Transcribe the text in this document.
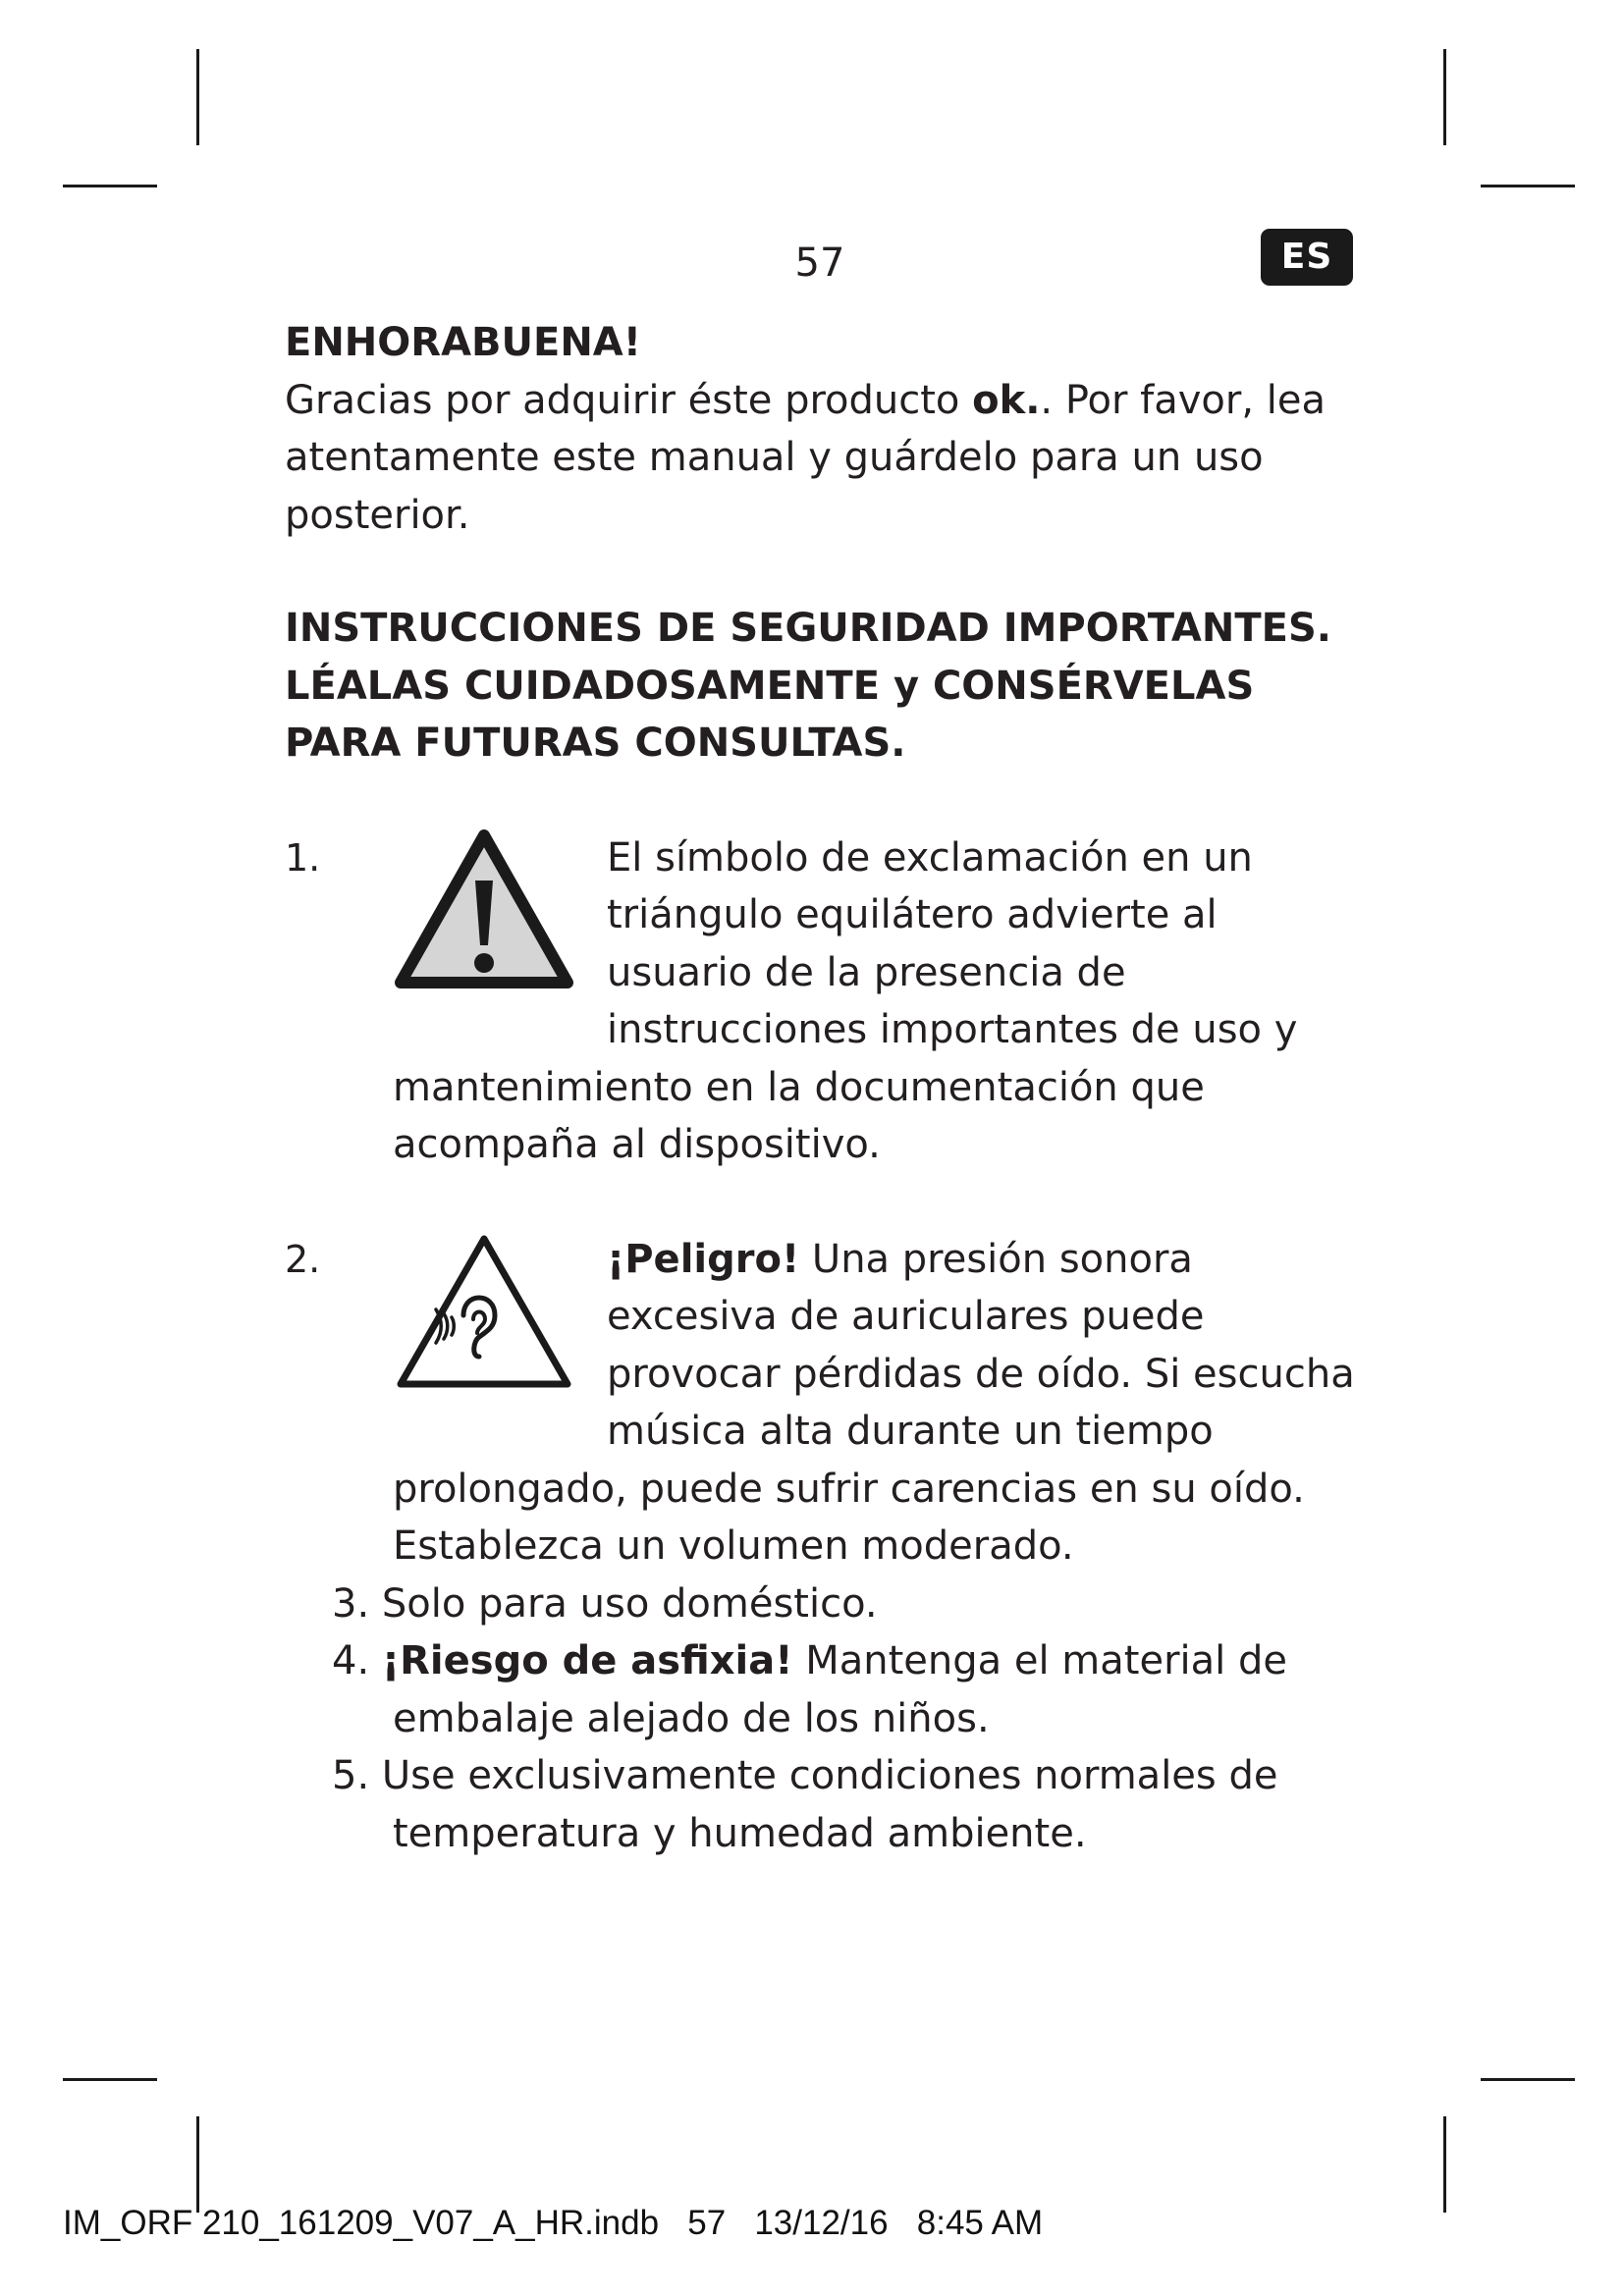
57	ES
ENHORABUENA!

Gracias por adquirir éste producto ok.. Por favor, lea atentamente este manual y guárdelo para un uso posterior.

INSTRUCCIONES DE SEGURIDAD IMPORTANTES. LÉALAS CUIDADOSAMENTE y CONSÉRVELAS PARA FUTURAS CONSULTAS.
1.	El símbolo de exclamación en un triángulo equilátero advierte al usuario de la presencia de instrucciones importantes de uso y mantenimiento en la documentación que acompaña al dispositivo.

2.	¡Peligro! Una presión sonora excesiva de auriculares puede provocar pérdidas de oído. Si escucha música alta durante un tiempo prolongado, puede sufrir carencias en su oído. Establezca un volumen moderado.

3. Solo para uso doméstico.
4. ¡Riesgo de asfixia! Mantenga el material de embalaje alejado de los niños.
5. Use exclusivamente condiciones normales de temperatura y humedad ambiente.
IM_ORF 210_161209_V07_A_HR.indb   57   13/12/16   8:45 AM
